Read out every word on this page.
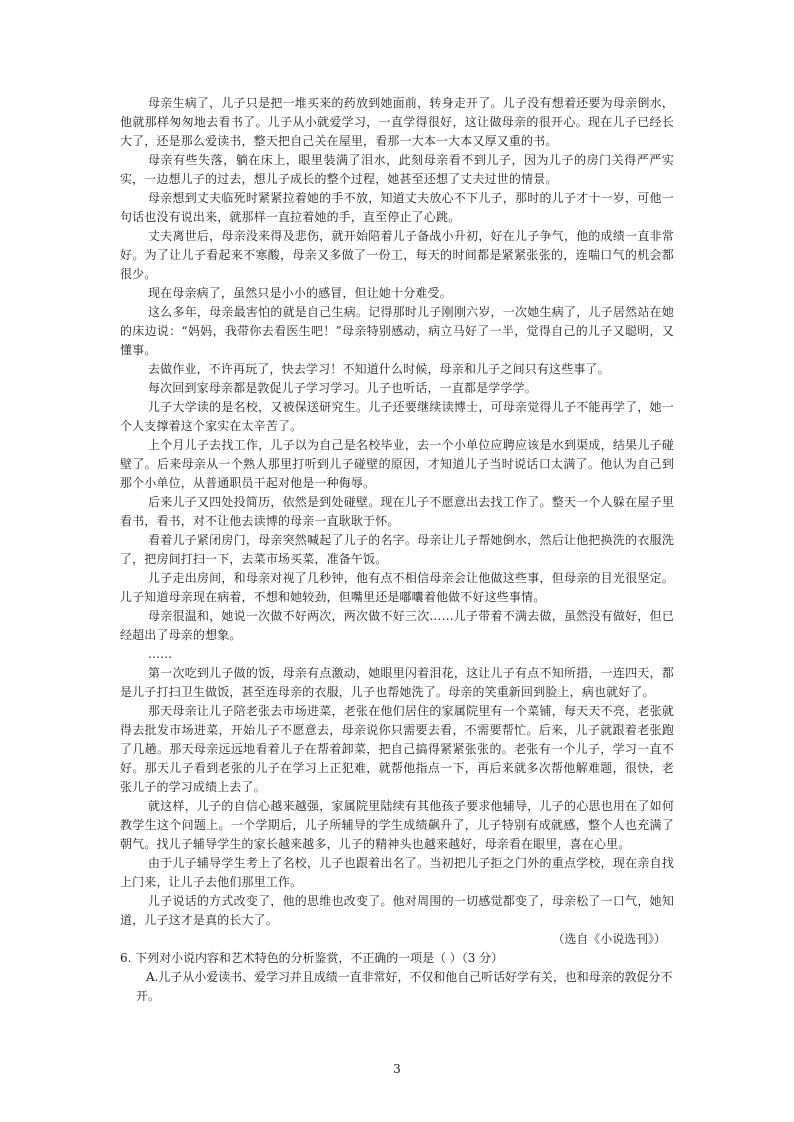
母亲生病了，儿子只是把一堆买来的药放到她面前，转身走开了。儿子没有想着还要为母亲倒水，他就那样匆匆地去看书了。儿子从小就爱学习，一直学得很好，这让做母亲的很开心。现在儿子已经长大了，还是那么爱读书，整天把自己关在屋里，看那一大本一大本又厚又重的书。

母亲有些失落，躺在床上，眼里装满了泪水，此刻母亲看不到儿子，因为儿子的房门关得严严实实，一边想儿子的过去，想儿子成长的整个过程，她甚至还想了丈夫过世的情景。

母亲想到丈夫临死时紧紧拉着她的手不放，知道丈夫放心不下儿子，那时的儿子才十一岁，可他一句话也没有说出来，就那样一直拉着她的手，直至停止了心跳。

丈夫离世后，母亲没来得及悲伤，就开始陪着儿子备战小升初，好在儿子争气，他的成绩一直非常好。为了让儿子看起来不寒酸，母亲又多做了一份工，每天的时间都是紧紧张张的，连喘口气的机会都很少。

现在母亲病了，虽然只是小小的感冒，但让她十分难受。

这么多年，母亲最害怕的就是自己生病。记得那时儿子刚刚六岁，一次她生病了，儿子居然站在她的床边说：“妈妈，我带你去看医生吧！”母亲特别感动，病立马好了一半，觉得自己的儿子又聪明，又懂事。

去做作业，不许再玩了，快去学习！不知道什么时候，母亲和儿子之间只有这些事了。

每次回到家母亲都是敦促儿子学习学习。儿子也听话，一直都是学学学。

儿子大学读的是名校，又被保送研究生。儿子还要继续读博士，可母亲觉得儿子不能再学了，她一个人支撑着这个家实在太辛苦了。

上个月儿子去找工作，儿子以为自己是名校毕业，去一个小单位应聘应该是水到渠成，结果儿子碰壁了。后来母亲从一个熟人那里打听到儿子碰壁的原因，才知道儿子当时说话口太满了。他认为自己到那个小单位，从普通职员干起对他是一种侮辱。

后来儿子又四处投简历，依然是到处碰壁。现在儿子不愿意出去找工作了。整天一个人躲在屋子里看书，看书，对不让他去读博的母亲一直耿耿于怀。

看着儿子紧闭房门，母亲突然喊起了儿子的名字。母亲让儿子帮她倒水，然后让他把换洗的衣服洗了，把房间打扫一下，去菜市场买菜，准备午饭。

儿子走出房间，和母亲对视了几秒钟，他有点不相信母亲会让他做这些事，但母亲的目光很坚定。儿子知道母亲现在病着，不想和她较劲，但嘴里还是嘟囔着他做不好这些事情。

母亲很温和，她说一次做不好两次，两次做不好三次……儿子带着不满去做，虽然没有做好，但已经超出了母亲的想象。

……

第一次吃到儿子做的饭，母亲有点激动，她眼里闪着泪花，这让儿子有点不知所措，一连四天，都是儿子打扫卫生做饭，甚至连母亲的衣服，儿子也帮她洗了。母亲的笑重新回到脸上，病也就好了。

那天母亲让儿子陪老张去市场进菜，老张在他们居住的家属院里有一个菜铺，每天天不亮，老张就得去批发市场进菜，开始儿子不愿意去，母亲说你只需要去看，不需要帮忙。后来，儿子就跟着老张跑了几趟。那天母亲远远地看着儿子在帮着卸菜，把自己搞得紧紧张张的。老张有一个儿子，学习一直不好。那天儿子看到老张的儿子在学习上正犯难，就帮他指点一下，再后来就多次帮他解难题，很快，老张儿子的学习成绩上去了。

就这样，儿子的自信心越来越强，家属院里陆续有其他孩子要求他辅导，儿子的心思也用在了如何教学生这个问题上。一个学期后，儿子所辅导的学生成绩飙升了，儿子特别有成就感，整个人也充满了朝气。找儿子辅导学生的家长越来越多，儿子的精神头也越来越好，母亲看在眼里，喜在心里。

由于儿子辅导学生考上了名校，儿子也跟着出名了。当初把儿子拒之门外的重点学校，现在亲自找上门来，让儿子去他们那里工作。

儿子说话的方式改变了，他的思维也改变了。他对周围的一切感觉都变了，母亲松了一口气，她知道，儿子这才是真的长大了。

（选自《小说选刊》）

6. 下列对小说内容和艺术特色的分析鉴赏，不正确的一项是（ ）（3 分）

A.儿子从小爱读书、爱学习并且成绩一直非常好，不仅和他自己听话好学有关，也和母亲的敦促分不开。

3
